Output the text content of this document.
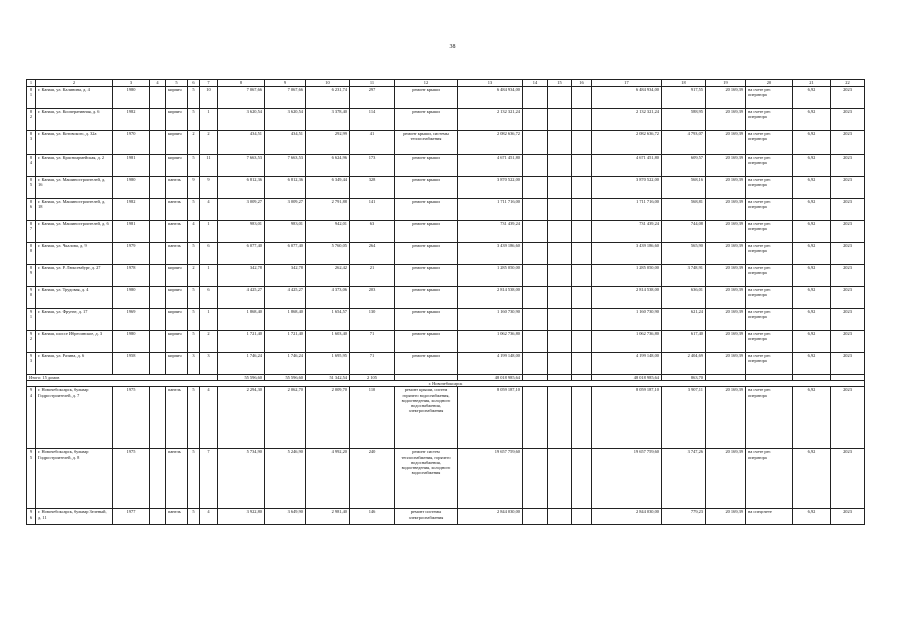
38
1	2	3	4	5	6	7	8	9	10	11	12	13	14	15	16	17	18	19	20	21	22
81	г. Канаш, ул. Калинина, д. 4	1980		кирпич	5	10	7 067,66	7 067,66	6 231,74	297	ремонт крыши	6 484 934,00				6 484 934,00	917,55	20 169,39	на счете рег. оператора	6,92	2023
82	г. Канаш, ул. Кооперативная, д. 6	1982		кирпич	5	1	3 620,54	3 620,54	3 378,40	114	ремонт крыши	2 132 321,24				2 132 321,24	588,95	20 169,39	на счете рег. оператора	6,92	2023
83	г. Канаш, ул. Котовского, д. 32а	1970		кирпич	2	2	434,51	434,51	292,99	41	ремонт крыши, системы теплоснабжения	2 082 636,72				2 082 636,72	4 793,07	20 169,39	на счете рег. оператора	6,92	2023
84	г. Канаш, ул. Красноармейская, д. 2	1981		кирпич	5	11	7 663,53	7 663,53	6 624,96	173	ремонт крыши	4 671 451,80				4 671 451,80	609,57	20 169,39	на счете рег. оператора	6,92	2023
85	г. Канаш, ул. Машиностроителей, д. 16	1980		панель	9	9	6 812,36	6 812,36	6 349,44	328	ремонт крыши	3 870 522,00				3 870 522,00	568,16	20 169,39	на счете рег. оператора	6,92	2023
86	г. Канаш, ул. Машиностроителей, д. 18	1982		панель	5	4	3 009,27	3 009,27	2 791,88	141	ремонт крыши	1 711 716,00				1 711 716,00	568,81	20 169,39	на счете рег. оператора	6,92	2023
87	г. Канаш, ул. Машиностроителей, д. 6	1981		панель	4	1	983,01	983,01	942,01	63	ремонт крыши	731 439,24				731 439,24	744,08	20 169,39	на счете рег. оператора	6,92	2023
88	г. Канаш, ул. Чкалова, д. 9	1979		панель	5	6	6 077,40	6 077,40	5 760,05	264	ремонт крыши	3 439 186,60				3 439 186,60	565,90	20 169,39	на счете рег. оператора	6,92	2023
89	г. Канаш, ул. Р. Люксембург, д. 27	1978		кирпич	2	1	342,78	342,78	262,42	21	ремонт крыши	1 285 050,00				1 285 050,00	3 748,91	20 169,39	на счете рег. оператора	6,92	2023
90	г. Канаш, ул. Трудовая, д. 4	1980		кирпич	5	6	4 425,27	4 425,27	4 373,06	203	ремонт крыши	2 814 538,00				2 814 538,00	636,01	20 169,39	на счете рег. оператора	6,92	2023
91	г. Канаш, ул. Фрунзе, д. 17	1969		кирпич	5	1	1 868,40	1 868,40	1 654,57	130	ремонт крыши	1 160 730,90				1 160 730,90	621,24	20 169,39	на счете рег. оператора	6,92	2023
92	г. Канаш, шоссе Ибресинское, д. 3	1980		кирпич	5	2	1 721,40	1 721,40	1 603,40	71	ремонт крыши	1 062 736,80				1 062 736,80	617,40	20 169,39	на счете рег. оператора	6,92	2023
93	г. Канаш, ул. Разина, д. 6	1958		кирпич	3	3	1 746,24	1 746,24	1 695,95	71	ремонт крыши	4 199 148,00				4 199 148,00	2 404,69	20 169,39	на счете рег. оператора	6,92	2023
Итого: 15 домов							55 596,60	55 596,60	51 342,54	2 105		48 018 985,64				48 018 985,64	863,70				
г. Новочебоксарск																					
94	г. Новочебоксарск, бульвар Гидростроителей, д. 7	1975		панель	5	4	2 294,30	2 062,70	2 009,70	110	ремонт крыши, систем горячего водоснабжения, водоотведения, холодного водоснабжения, электроснабжения	8 059 187,10				8 059 187,10	3 907,11	20 169,39	на счете рег. оператора	6,92	2023
95	г. Новочебоксарск, бульвар Гидростроителей, д. 8	1975		панель	5	7	5 734,90	5 246,90	4 992,20	240	ремонт систем теплоснабжения, горячего водоснабжения, водоотведения, холодного водоснабжения	19 657 759,60				19 657 759,60	3 747,26	20 169,39	на счете рег. оператора	6,92	2023
96	г. Новочебоксарск, бульвар Зеленый, д. 11	1977		панель	5	4	3 922,80	3 649,90	2 981,40	146	ремонт системы электроснабжения	2 844 030,00				2 844 030,00	779,23	20 169,39	на спецсчете	6,92	2023
